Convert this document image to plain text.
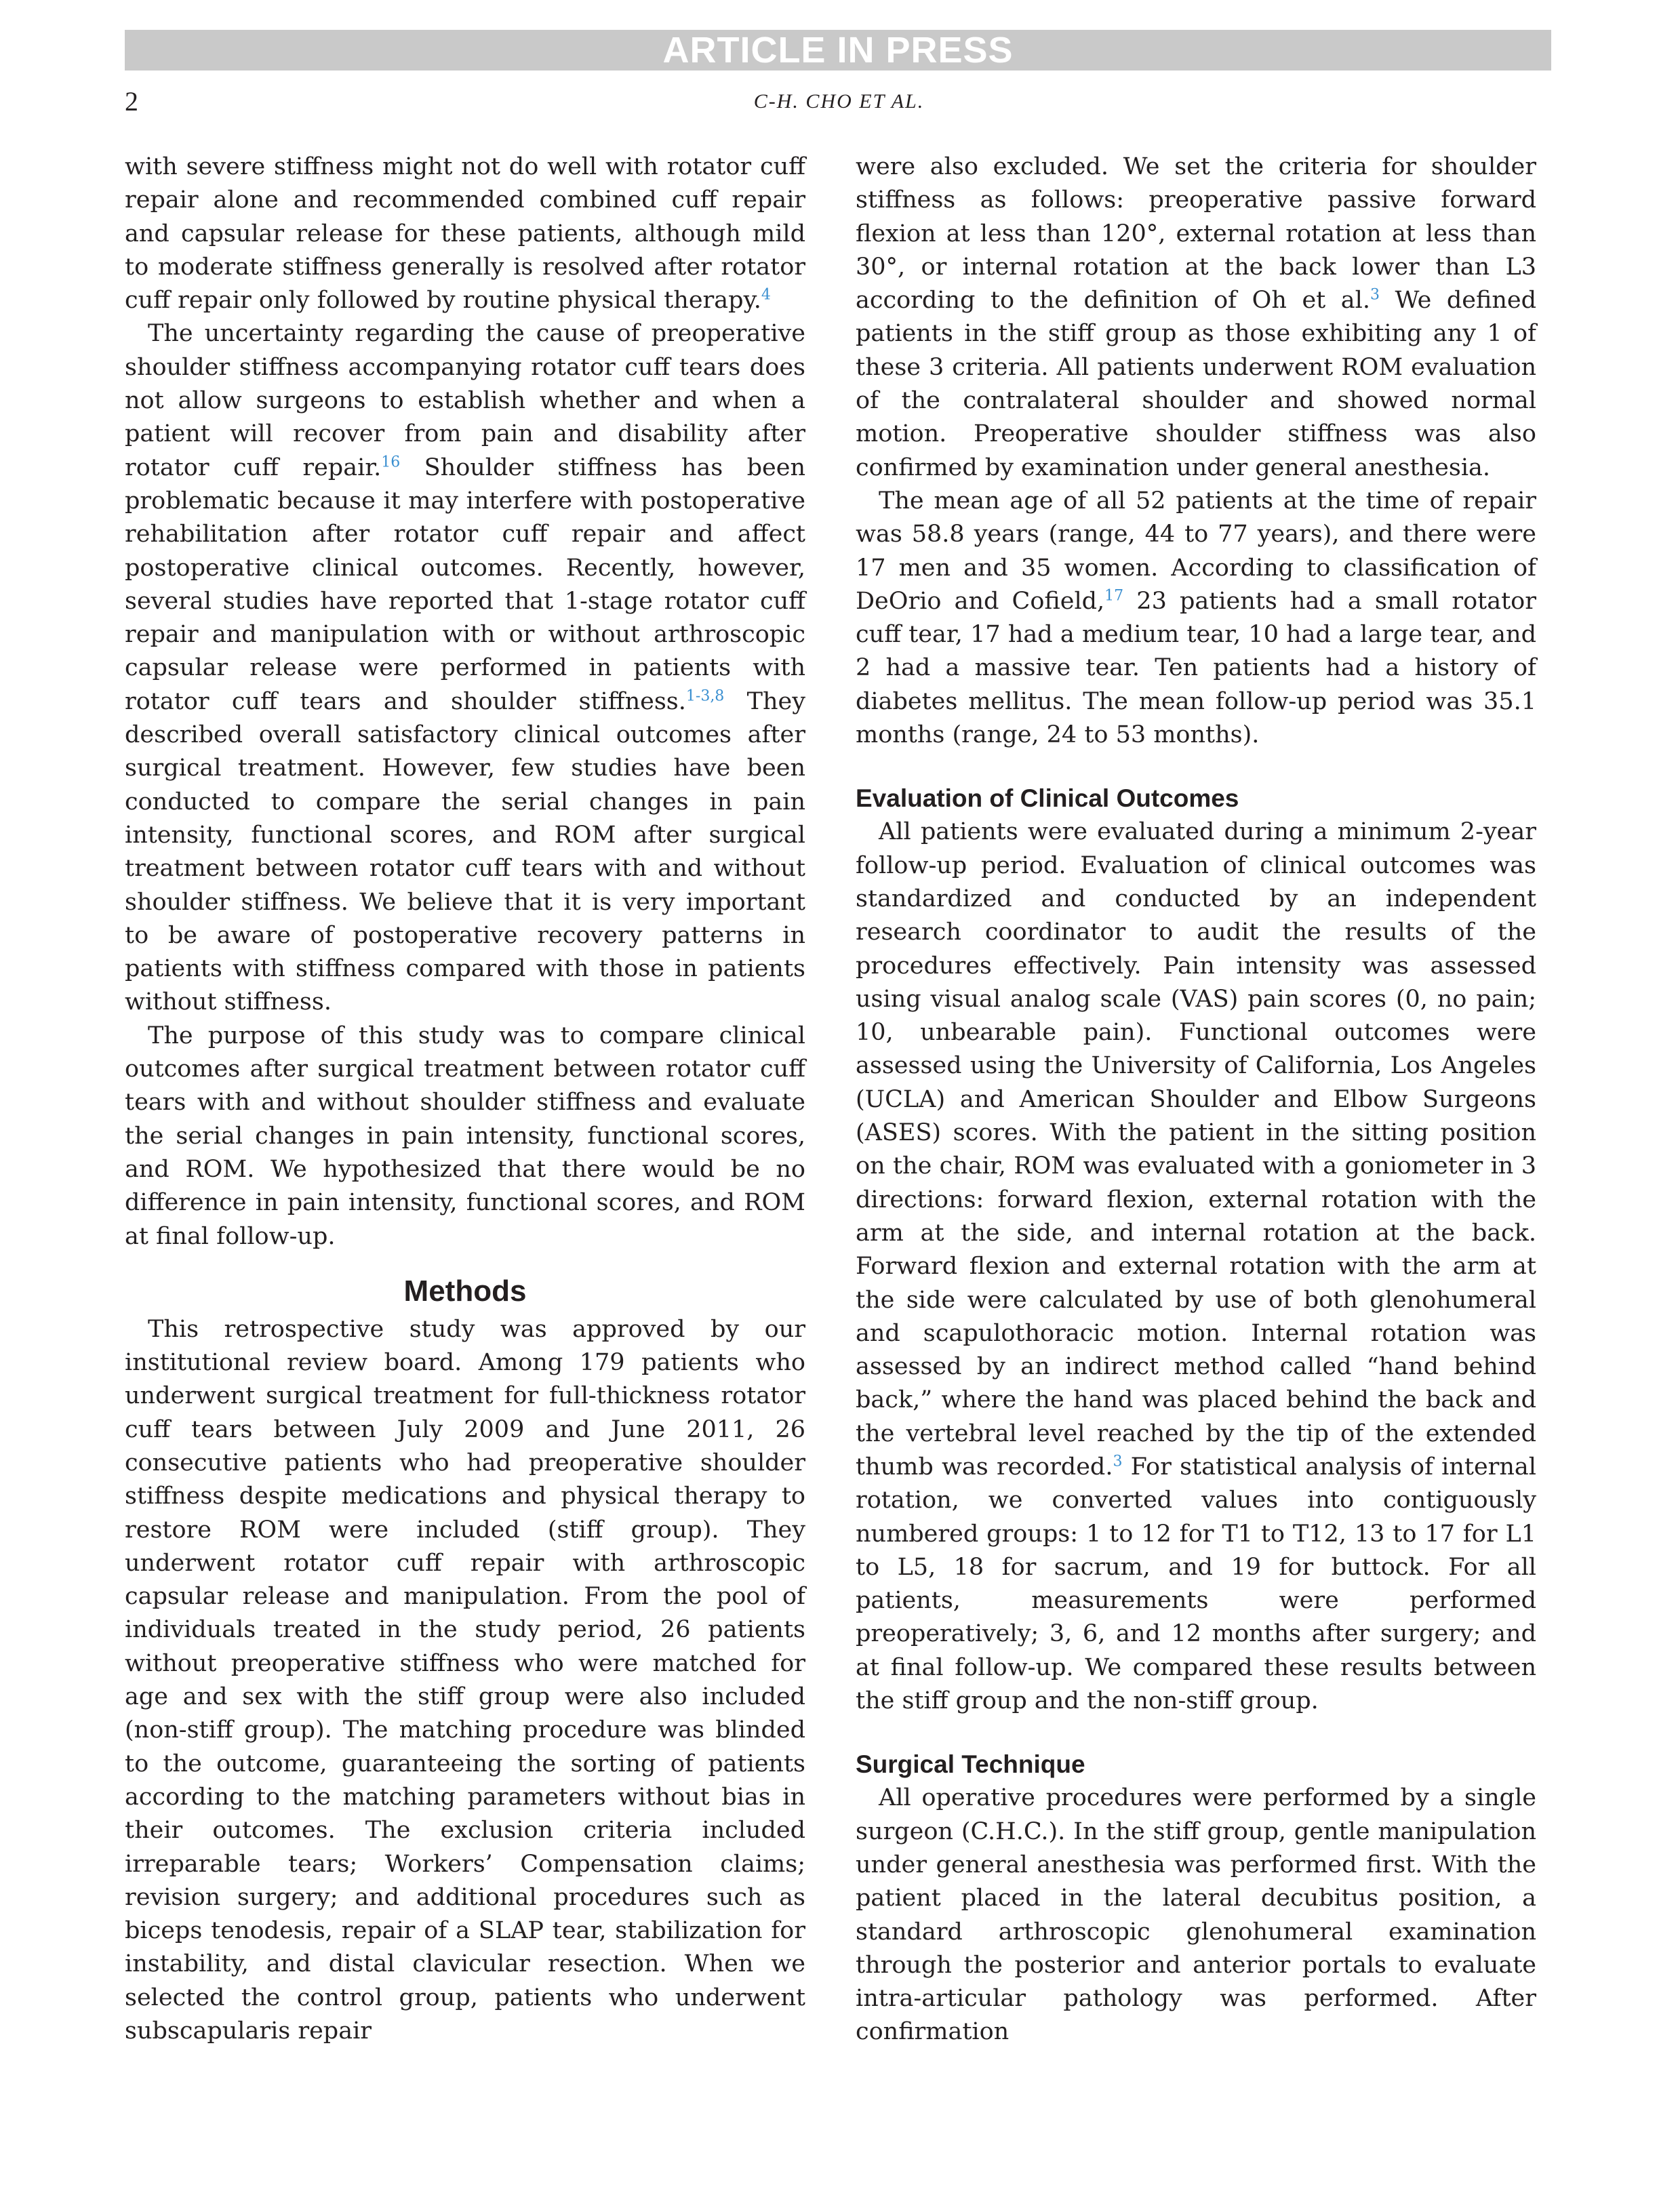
ARTICLE IN PRESS
2	C-H. CHO ET AL.

with severe stiffness might not do well with rotator cuff repair alone and recommended combined cuff repair and capsular release for these patients, although mild to moderate stiffness generally is resolved after rotator cuff repair only followed by routine physical therapy.$^4$

The uncertainty regarding the cause of preoperative shoulder stiffness accompanying rotator cuff tears does not allow surgeons to establish whether and when a patient will recover from pain and disability after rotator cuff repair.$^{16}$ Shoulder stiffness has been problematic because it may interfere with postoperative rehabilitation after rotator cuff repair and affect postoperative clinical outcomes. Recently, however, several studies have reported that 1-stage rotator cuff repair and manipulation with or without arthroscopic capsular release were performed in patients with rotator cuff tears and shoulder stiffness.$^{1-3,8}$ They described overall satisfactory clinical outcomes after surgical treatment. However, few studies have been conducted to compare the serial changes in pain intensity, functional scores, and ROM after surgical treatment between rotator cuff tears with and without shoulder stiffness. We believe that it is very important to be aware of postoperative recovery patterns in patients with stiffness compared with those in patients without stiffness.

The purpose of this study was to compare clinical outcomes after surgical treatment between rotator cuff tears with and without shoulder stiffness and evaluate the serial changes in pain intensity, functional scores, and ROM. We hypothesized that there would be no difference in pain intensity, functional scores, and ROM at final follow-up.

Methods

This retrospective study was approved by our institutional review board. Among 179 patients who underwent surgical treatment for full-thickness rotator cuff tears between July 2009 and June 2011, 26 consecutive patients who had preoperative shoulder stiffness despite medications and physical therapy to restore ROM were included (stiff group). They underwent rotator cuff repair with arthroscopic capsular release and manipulation. From the pool of individuals treated in the study period, 26 patients without preoperative stiffness who were matched for age and sex with the stiff group were also included (non-stiff group). The matching procedure was blinded to the outcome, guaranteeing the sorting of patients according to the matching parameters without bias in their outcomes. The exclusion criteria included irreparable tears; Workers’ Compensation claims; revision surgery; and additional procedures such as biceps tenodesis, repair of a SLAP tear, stabilization for instability, and distal clavicular resection. When we selected the control group, patients who underwent subscapularis repair

were also excluded. We set the criteria for shoulder stiffness as follows: preoperative passive forward flexion at less than 120°, external rotation at less than 30°, or internal rotation at the back lower than L3 according to the definition of Oh et al.$^3$ We defined patients in the stiff group as those exhibiting any 1 of these 3 criteria. All patients underwent ROM evaluation of the contralateral shoulder and showed normal motion. Preoperative shoulder stiffness was also confirmed by examination under general anesthesia.

The mean age of all 52 patients at the time of repair was 58.8 years (range, 44 to 77 years), and there were 17 men and 35 women. According to classification of DeOrio and Cofield,$^{17}$ 23 patients had a small rotator cuff tear, 17 had a medium tear, 10 had a large tear, and 2 had a massive tear. Ten patients had a history of diabetes mellitus. The mean follow-up period was 35.1 months (range, 24 to 53 months).

Evaluation of Clinical Outcomes

All patients were evaluated during a minimum 2-year follow-up period. Evaluation of clinical outcomes was standardized and conducted by an independent research coordinator to audit the results of the procedures effectively. Pain intensity was assessed using visual analog scale (VAS) pain scores (0, no pain; 10, unbearable pain). Functional outcomes were assessed using the University of California, Los Angeles (UCLA) and American Shoulder and Elbow Surgeons (ASES) scores. With the patient in the sitting position on the chair, ROM was evaluated with a goniometer in 3 directions: forward flexion, external rotation with the arm at the side, and internal rotation at the back. Forward flexion and external rotation with the arm at the side were calculated by use of both glenohumeral and scapulothoracic motion. Internal rotation was assessed by an indirect method called “hand behind back,” where the hand was placed behind the back and the vertebral level reached by the tip of the extended thumb was recorded.$^3$ For statistical analysis of internal rotation, we converted values into contiguously numbered groups: 1 to 12 for T1 to T12, 13 to 17 for L1 to L5, 18 for sacrum, and 19 for buttock. For all patients, measurements were performed preoperatively; 3, 6, and 12 months after surgery; and at final follow-up. We compared these results between the stiff group and the non-stiff group.

Surgical Technique

All operative procedures were performed by a single surgeon (C.H.C.). In the stiff group, gentle manipulation under general anesthesia was performed first. With the patient placed in the lateral decubitus position, a standard arthroscopic glenohumeral examination through the posterior and anterior portals to evaluate intra-articular pathology was performed. After confirmation
